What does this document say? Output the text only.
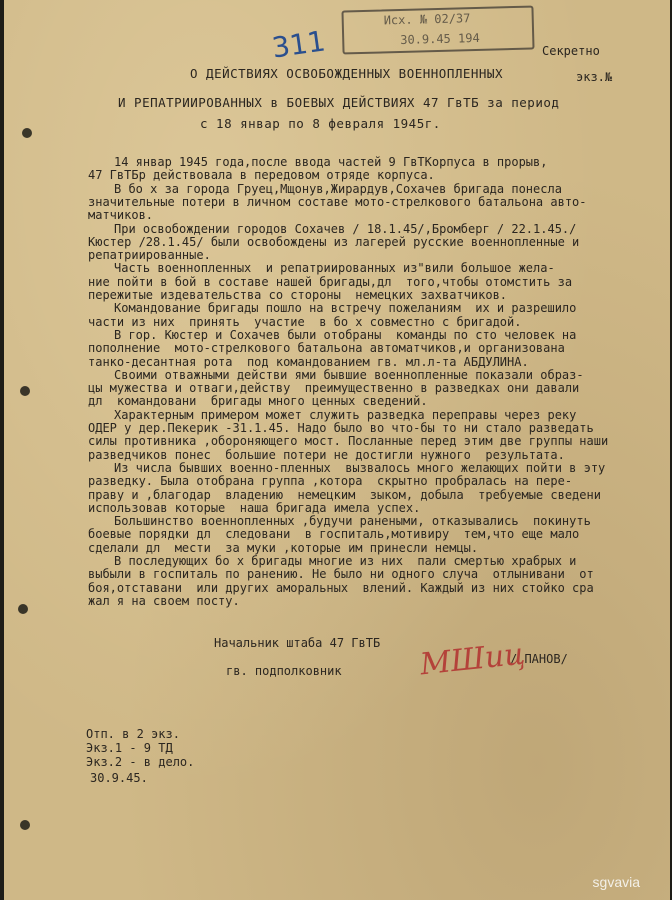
Исх. № 02/37
30.9.45 194
311	Секретно
экз.№
О ДЕЙСТВИЯХ ОСВОБОЖДЕННЫХ ВОЕННОПЛЕННЫХ
И РЕПАТРИИРОВАННЫХ в БОЕВЫХ ДЕЙСТВИЯХ 47 ГвТБ за период
с 18 январ по 8 февраля 1945г.
14 январ 1945 года,после ввода частей 9 ГвТКорпуса в прорыв,
47 ГвТБр действовала в передовом отряде корпуса.
В бо х за города Груец,Мщонув,Жирардув,Сохачев бригада понесла
значительные потери в личном составе мото-стрелкового батальона авто-
матчиков.
При освобождении городов Сохачев / 18.1.45/,Бромберг / 22.1.45./
Кюстер /28.1.45/ были освобождены из лагерей русские военнопленные и
репатриированные.
Часть военнопленных  и репатриированных из"вили большое жела-
ние пойти в бой в составе нашей бригады,дл  того,чтобы отомстить за
пережитые издевательства со стороны  немецких захватчиков.
Командование бригады пошло на встречу пожеланиям  их и разрешило
части из них  принять  участие  в бо х совместно с бригадой.
В гор. Кюстер и Сохачев были отобраны  команды по сто человек на
пополнение  мото-стрелкового батальона автоматчиков,и организована
танко-десантная рота  под командованием гв. мл.л-та АБДУЛИНА.
Своими отважными действи ями бывшие военнопленные показали образ-
цы мужества и отваги,действу  преимущественно в разведках они давали
дл  командовани  бригады много ценных сведений.
Характерным примером может служить разведка переправы через реку
ОДЕР у дер.Пекерик -31.1.45. Надо было во что-бы то ни стало разведать
силы противника ,обороняющего мост. Посланные перед этим две группы наши
разведчиков понес  большие потери не достигли нужного  результата.
Из числа бывших военно-пленных  вызвалось много желающих пойти в эту
разведку. Была отобрана группа ,котора  скрытно пробралась на пере-
праву и ,благодар  владению  немецким  зыком, добыла  требуемые сведени
использовав которые  наша бригада имела успех.
Большинство военнопленных ,будучи ранеными, отказывались  покинуть
боевые порядки дл  следовани  в госпиталь,мотивиру  тем,что еще мало
сделали дл  мести  за муки ,которые им принесли немцы.
В последующих бо х бригады многие из них  пали смертью храбрых и
выбыли в госпиталь по ранению. Не было ни одного случа  отлынивани  от
боя,отставани  или других аморальных  влений. Каждый из них стойко сра
жал я на своем посту.
Начальник штаба 47 ГвТБ
гв. подполковник
/ ПАНОВ/
МШиц
Отп. в 2 экз.
Экз.1 - 9 ТД
Экз.2 - в дело.
30.9.45.
sgvavia
